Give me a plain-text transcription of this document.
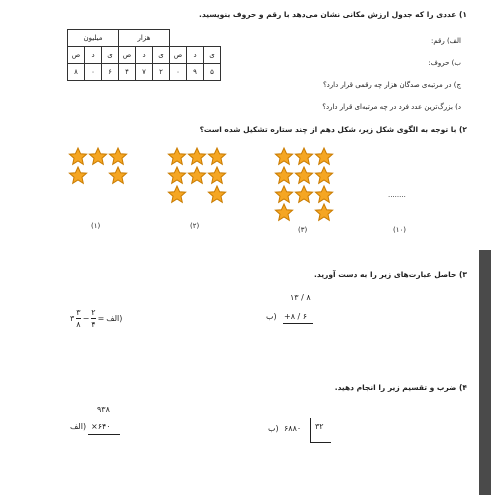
۱) عددی را که جدول ارزش مکانی نشان می‌دهد با رقم و حروف بنویسید.
میلیون			هزار					
ص	د	ی	ص	د	ی	ص	د	ی
۸	۰	۶	۴	۷	۲	۰	۹	۵
الف) رقم:
ب) حروف:
ج) در مرتبه‌ی صدگان هزار چه رقمی قرار دارد؟
د) بزرگ‌ترین عدد فرد در چه مرتبه‌ای قرار دارد؟
۲) با توجه به الگوی شکل زیر، شکل دهم از چند ستاره تشکیل شده است؟
........
(۱)	(۲)	(۳)	(۱۰)
۳) حاصل عبارت‌های زیر را به دست آورید.
الف)
۳ $\frac{۳}{۸} - \frac{۲}{۴}$ =
۱۳ / ۸
ب) +۸ / ۶
۴) ضرب و تقسیم زیر را انجام دهید.
۹۳۸
الف) ×۶۴۰	ب) ۶۸۸۰ ۳۲
